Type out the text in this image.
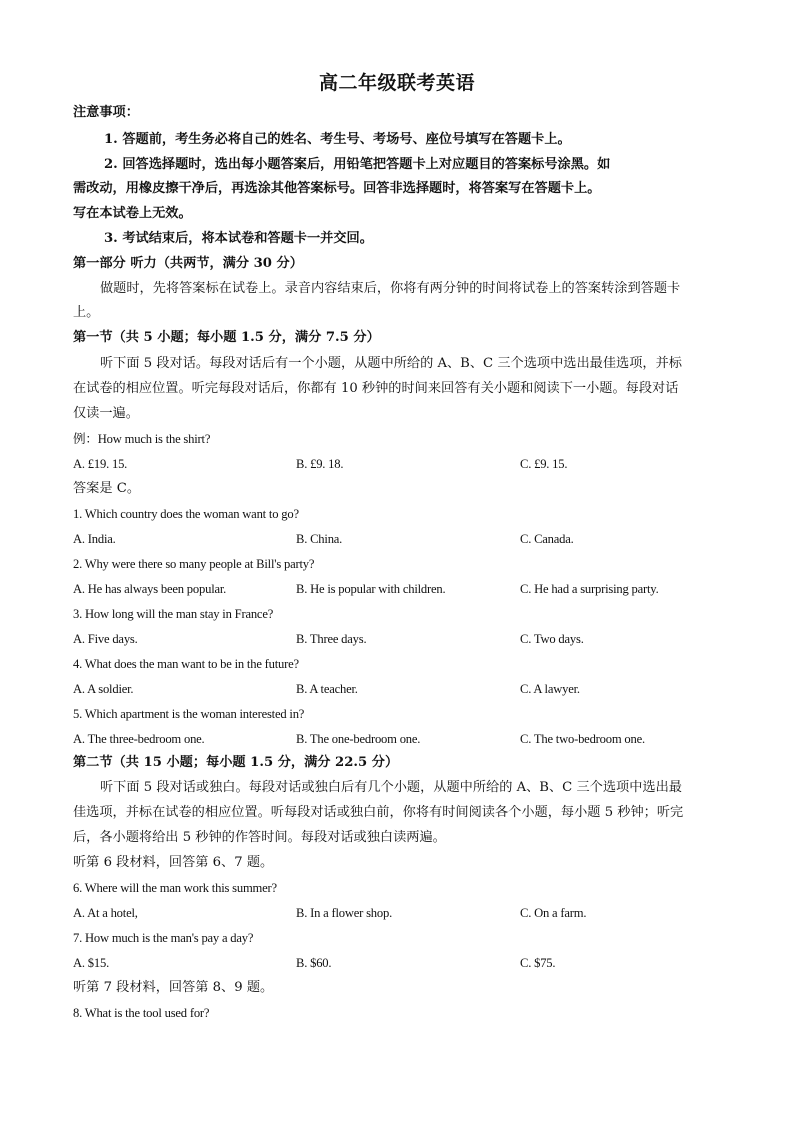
高二年级联考英语
注意事项：
1. 答题前，考生务必将自己的姓名、考生号、考场号、座位号填写在答题卡上。
2. 回答选择题时，选出每小题答案后，用铅笔把答题卡上对应题目的答案标号涂黑。如
需改动，用橡皮擦干净后，再选涂其他答案标号。回答非选择题时，将答案写在答题卡上。
写在本试卷上无效。
3. 考试结束后，将本试卷和答题卡一并交回。
第一部分 听力（共两节，满分 30 分）
做题时，先将答案标在试卷上。录音内容结束后，你将有两分钟的时间将试卷上的答案转涂到答题卡
上。
第一节（共 5 小题；每小题 1.5 分，满分 7.5 分）
听下面 5 段对话。每段对话后有一个小题，从题中所给的 A、B、C 三个选项中选出最佳选项，并标
在试卷的相应位置。听完每段对话后，你都有 10 秒钟的时间来回答有关小题和阅读下一小题。每段对话
仅读一遍。
例：How much is the shirt?
A. £19. 15.	B. £9. 18.	C. £9. 15.
答案是 C。
1. Which country does the woman want to go?
A. India.	B. China.	C. Canada.
2. Why were there so many people at Bill's party?
A. He has always been popular.	B. He is popular with children.	C. He had a surprising party.
3. How long will the man stay in France?
A. Five days.	B. Three days.	C. Two days.
4. What does the man want to be in the future?
A. A soldier.	B. A teacher.	C. A lawyer.
5. Which apartment is the woman interested in?
A. The three-bedroom one.	B. The one-bedroom one.	C. The two-bedroom one.
第二节（共 15 小题；每小题 1.5 分，满分 22.5 分）
听下面 5 段对话或独白。每段对话或独白后有几个小题，从题中所给的 A、B、C 三个选项中选出最
佳选项，并标在试卷的相应位置。听每段对话或独白前，你将有时间阅读各个小题，每小题 5 秒钟；听完
后，各小题将给出 5 秒钟的作答时间。每段对话或独白读两遍。
听第 6 段材料，回答第 6、7 题。
6. Where will the man work this summer?
A. At a hotel,	B. In a flower shop.	C. On a farm.
7. How much is the man's pay a day?
A. $15.	B. $60.	C. $75.
听第 7 段材料，回答第 8、9 题。
8. What is the tool used for?
